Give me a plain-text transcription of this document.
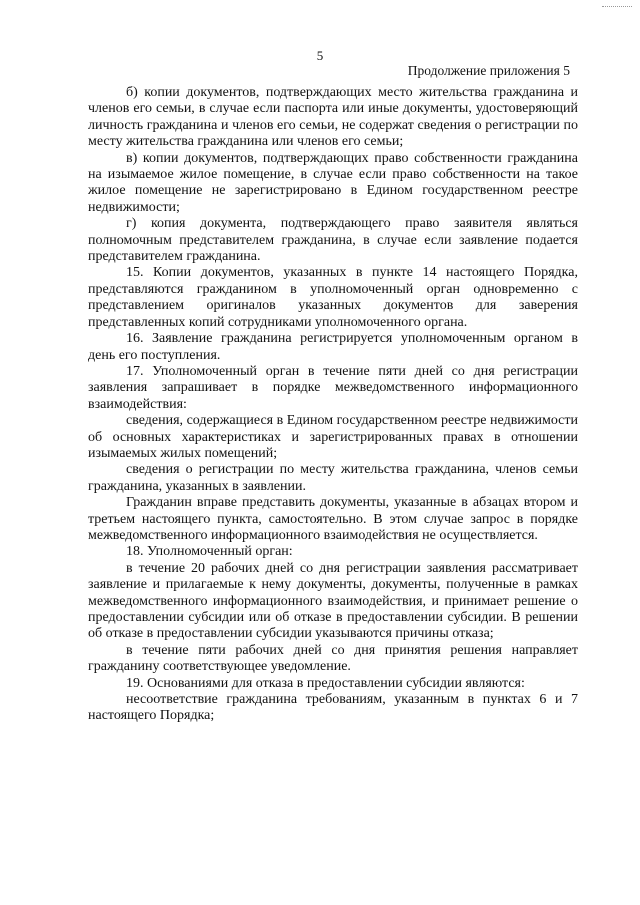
5
Продолжение приложения 5

б) копии документов, подтверждающих место жительства гражданина и членов его семьи, в случае если паспорта или иные документы, удостоверяющий личность гражданина и членов его семьи, не содержат сведения о регистрации по месту жительства гражданина или членов его семьи;

в) копии документов, подтверждающих право собственности гражданина на изымаемое жилое помещение, в случае если право собственности на такое жилое помещение не зарегистрировано в Едином государственном реестре недвижимости;

г) копия документа, подтверждающего право заявителя являться полномочным представителем гражданина, в случае если заявление подается представителем гражданина.

15. Копии документов, указанных в пункте 14 настоящего Порядка, представляются гражданином в уполномоченный орган одновременно с представлением оригиналов указанных документов для заверения представленных копий сотрудниками уполномоченного органа.

16. Заявление гражданина регистрируется уполномоченным органом в день его поступления.

17. Уполномоченный орган в течение пяти дней со дня регистрации заявления запрашивает в порядке межведомственного информационного взаимодействия:

сведения, содержащиеся в Едином государственном реестре недвижимости об основных характеристиках и зарегистрированных правах в отношении изымаемых жилых помещений;

сведения о регистрации по месту жительства гражданина, членов семьи гражданина, указанных в заявлении.

Гражданин вправе представить документы, указанные в абзацах втором и третьем настоящего пункта, самостоятельно. В этом случае запрос в порядке межведомственного информационного взаимодействия не осуществляется.

18. Уполномоченный орган:

в течение 20 рабочих дней со дня регистрации заявления рассматривает заявление и прилагаемые к нему документы, документы, полученные в рамках межведомственного информационного взаимодействия, и принимает решение о предоставлении субсидии или об отказе в предоставлении субсидии. В решении об отказе в предоставлении субсидии указываются причины отказа;

в течение пяти рабочих дней со дня принятия решения направляет гражданину соответствующее уведомление.

19. Основаниями для отказа в предоставлении субсидии являются:

несоответствие гражданина требованиям, указанным в пунктах 6 и 7 настоящего Порядка;
